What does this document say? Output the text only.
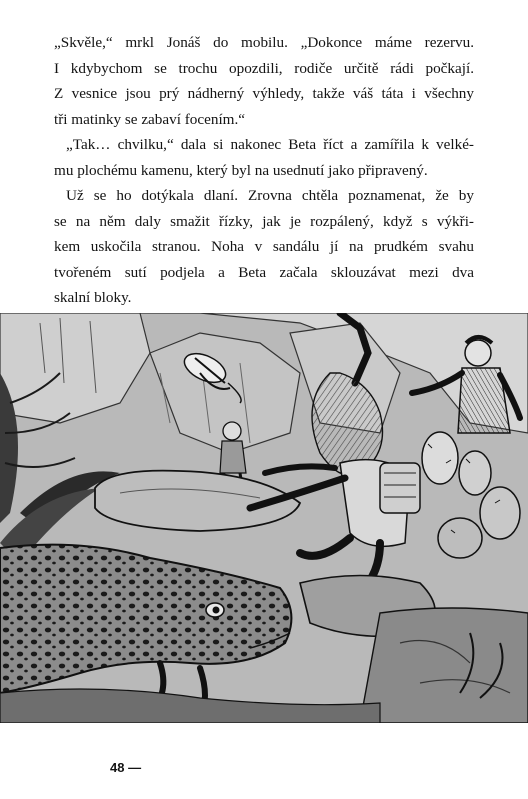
„Skvěle,“ mrkl Jonáš do mobilu. „Dokonce máme rezervu.
I kdybychom se trochu opozdili, rodiče určitě rádi počkají.
Z vesnice jsou prý nádherný výhledy, takže váš táta i všechny
tři matinky se zabaví focením.“

„Tak… chvilku,“ dala si nakonec Beta říct a zamířila k velké-
mu plochému kamenu, který byl na usednutí jako připravený.

Už se ho dotýkala dlaní. Zrovna chtěla poznamenat, že by
se na něm daly smažit řízky, jak je rozpálený, když s výkři-
kem uskočila stranou. Noha v sandálu jí na prudkém svahu
tvořeném sutí podjela a Beta začala sklouzávat mezi dva
skalní bloky.

48 —
